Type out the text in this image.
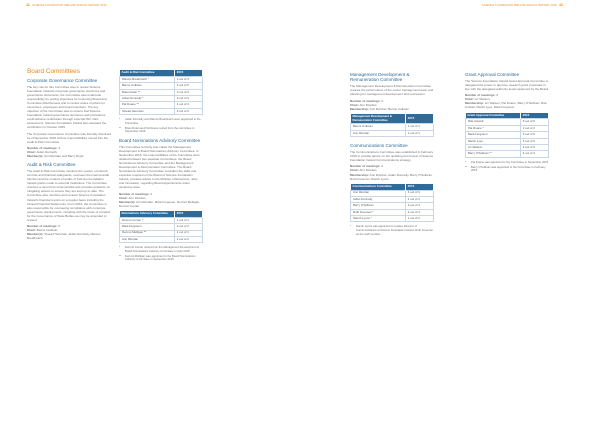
42 SCIENCE FOUNDATION IRELAND ANNUAL REPORT 2015
Board Committees
Corporate Governance Committee
The key role for this Committee was to review Science Foundation Ireland's corporate governance structures and governance documents; the Committee also undertook responsibility for setting objectives for improving Board and Committee effectiveness and to review codes of ethics for executives, employees and board members. The key objective of the Committee was to ensure that Science Foundation Ireland governance structures and procedures could achieve certification through external ISO / IEC assessment. Science Foundation Ireland also awarded the certification in October 2015.
The Corporate Governance Committee was formally dissolved as of December 2015 with its responsibilities moved into the Audit & Risk Committee.
Number of meetings: 3
Chair: Aidan Donnelly
Member(s): Ann Riordan and Barry Doyle
Audit & Risk Committee
The Audit & Risk Committee monitors the system of internal controls and financial safeguards, oversees the internal audit function and the conduct of audits of Science Foundation Ireland grants made to external institutions. The Committee receives a report from Internal Risk and provides guidance on mitigating actions to ensure they are kept up to date. The Committee also monitors and reviews Science Foundation Ireland's financial reports on a regular basis including the Annual Financial Statements. From 2016, the Committee is also responsible for overseeing compliance with corporate governance requirements, including with the Code of Conduct for the Governance of State Bodies as may be amended or revised.
Number of meetings: 5
Chair: Bernie Cullinan
Member(s): Sinead Henehan, Aidan Donnelly, Marcus Breathnach
Audit & Risk Committee	2015
Marcus Breathnach *	3 out of 3
Bernie Cullinan	6 out of 6
Brian Dolan **	3 out of 3
Aidan Donnelly *	3 out of 3
Pat Duane **	4 out of 4
Sinead Henehan	6 out of 6
*	Aidan Donnelly and Marcus Breathnach were appointed to the Committee.
**	Brian Dolan and Pat Duane retired from the committee in September 2015.
Board Nominations Advisory Committee
This Committee formerly was called the Management Development & Board Nominations Advisory Committee. In September 2015, the responsibilities of the Committee were divided between two separate Committees: the Board Nominations Advisory Committee and the Management Development & Remuneration Committee. The Board Nominations Advisory Committee considers the skills and expertise required on the Board of Science Foundation Ireland, provides advice to the Minister of Enterprise, Jobs and Innovation, regarding Board appointments when vacancies arise.
Number of meetings: 2
Chair: Ann Riordan
Member(s): Ann Riordan, Mark Ferguson, Dermot Mulligan, Dermot Curran
Nominations Advisory Committee	2015
Dermot Curran *	1 out of 1
Mark Ferguson	2 out of 2
Dermot Mulligan **	1 out of 1
Ann Riordan	2 out of 2
*	Dermot Curran retired from the Management Development & Board Nominations Advisory Committee in April 2015.
**	Dermot Mulligan was appointed to the Board Nominations Advisory Committee in September 2015.
SCIENCE FOUNDATION IRELAND ANNUAL REPORT 2015 43
Management Development & Remuneration Committee
The Management Development & Remuneration Committee reviews the performance of the senior management team and planning for management development and succession.
Number of meetings: 2
Chair: Ann Riordan
Membership: Ann Riordan, Bernie Cullinan
Management Development & Remuneration Committee	2015
Bernie Cullinan	1 out of 1
Ann Riordan	1 out of 1
Communications Committee
The Communications Committee was established in February 2015 to provide advice on the updating and review of Science Foundation Ireland Communications strategy.
Number of meetings: 4
Chair: Ann Riordan
Membership: Ann Riordan, Aidan Donnelly, Barry O'Sullivan, Ruth Freeman, Niamh Lyons
Communications Committee	2015
Ann Riordan	4 out of 4
Aidan Donnelly	4 out of 4
Barry O'Sullivan	3 out of 4
Ruth Freeman *	4 out of 4
Niamh Lyons *	1 out of 2
*	Niamh Lyons was appointed to replace Director of Communications at Science Foundation Ireland, Ruth Freeman as the staff member.
Grant Approval Committee
The Science Foundation Ireland Grant Approval Committee is delegated the power to approve research grant proposals in line with the delegated authority levels approved by the Board.
Number of meetings: 6
Chair: Liz Watson
Membership: Liz Watson, Pat Duane, Barry O'Sullivan, Rita Colwell, Martin Lyes, Mark Ferguson
Grant Approval Committee	2015
Rita Colwell	5 out of 6
Pat Duane *	2 out of 2
Mark Ferguson	5 out of 6
Martin Lyes	5 out of 6
Liz Watson	6 out of 6
Barry O'Sullivan **	4 out of 4
*	Pat Duane was appointed to the Committee in September 2015.
**	Barry O'Sullivan was appointed to the Committee in February 2015.
